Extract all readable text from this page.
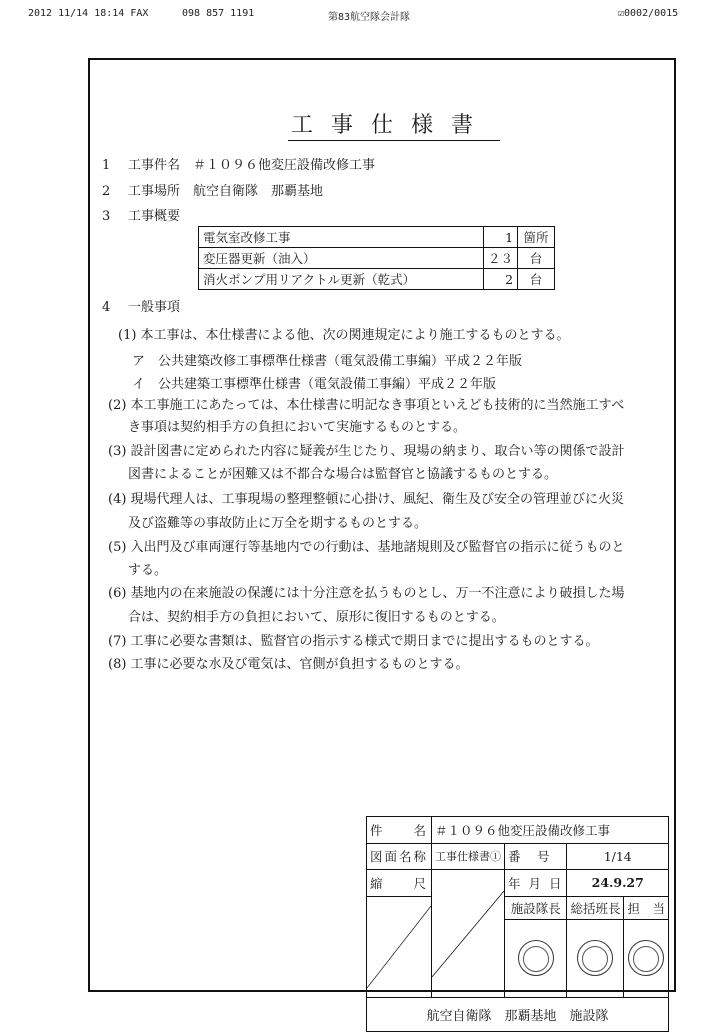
2012 11/14 18:14 FAX	098 857 1191	第83航空隊会計隊	☑0002/0015
工事仕様書
1 工事件名　 ＃１０９６他変圧設備改修工事
2 工事場所　 航空自衛隊　那覇基地
3 工事概要
電気室改修工事	1	箇所
変圧器更新（油入）	２３	台
消火ポンプ用リアクトル更新（乾式）	2	台
4 一般事項
(1) 本工事は、本仕様書による他、次の関連規定により施工するものとする。
ア　公共建築改修工事標準仕様書（電気設備工事編）平成２２年版
イ　公共建築工事標準仕様書（電気設備工事編）平成２２年版
(2) 本工事施工にあたっては、本仕様書に明記なき事項といえども技術的に当然施工すべ
き事項は契約相手方の負担において実施するものとする。
(3) 設計図書に定められた内容に疑義が生じたり、現場の納まり、取合い等の関係で設計
図書によることが困難又は不都合な場合は監督官と協議するものとする。
(4) 現場代理人は、工事現場の整理整頓に心掛け、風紀、衛生及び安全の管理並びに火災
及び盗難等の事故防止に万全を期するものとする。
(5) 入出門及び車両運行等基地内での行動は、基地諸規則及び監督官の指示に従うものと
する。
(6) 基地内の在来施設の保護には十分注意を払うものとし、万一不注意により破損した場
合は、契約相手方の負担において、原形に復旧するものとする。
(7) 工事に必要な書類は、監督官の指示する様式で期日までに提出するものとする。
(8) 工事に必要な水及び電気は、官側が負担するものとする。
件　　名	＃１０９６他変圧設備改修工事			
図面名称	工事仕様書①	番　号	1/14	
縮　　尺		年 月 日	24.9.27	

	施設隊長	総括班長	担　当

航空自衛隊　那覇基地　施設隊				
